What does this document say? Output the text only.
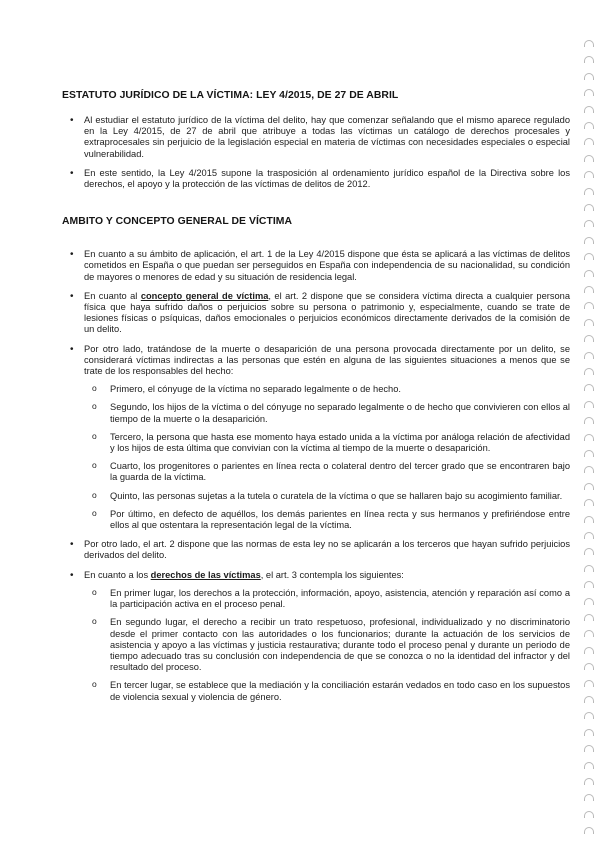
ESTATUTO JURÍDICO DE LA VÍCTIMA: LEY 4/2015, DE 27 DE ABRIL
• Al estudiar el estatuto jurídico de la víctima del delito, hay que comenzar señalando que el mismo aparece regulado en la Ley 4/2015, de 27 de abril que atribuye a todas las víctimas un catálogo de derechos procesales y extraprocesales sin perjuicio de la legislación especial en materia de víctimas con necesidades especiales o especial vulnerabilidad.
• En este sentido, la Ley 4/2015 supone la trasposición al ordenamiento jurídico español de la Directiva sobre los derechos, el apoyo y la protección de las víctimas de delitos de 2012.
AMBITO Y CONCEPTO GENERAL DE VÍCTIMA
• En cuanto a su ámbito de aplicación, el art. 1 de la Ley 4/2015 dispone que ésta se aplicará a las víctimas de delitos cometidos en España o que puedan ser perseguidos en España con independencia de su nacionalidad, su condición de mayores o menores de edad y su situación de residencia legal.
• En cuanto al concepto general de víctima, el art. 2 dispone que se considera víctima directa a cualquier persona física que haya sufrido daños o perjuicios sobre su persona o patrimonio y, especialmente, cuando se trate de lesiones físicas o psíquicas, daños emocionales o perjuicios económicos directamente derivados de la comisión de un delito.
• Por otro lado, tratándose de la muerte o desaparición de una persona provocada directamente por un delito, se considerará víctimas indirectas a las personas que estén en alguna de las siguientes situaciones a menos que se trate de los responsables del hecho:
o Primero, el cónyuge de la víctima no separado legalmente o de hecho.
o Segundo, los hijos de la víctima o del cónyuge no separado legalmente o de hecho que convivieren con ellos al tiempo de la muerte o la desaparición.
o Tercero, la persona que hasta ese momento haya estado unida a la víctima por análoga relación de afectividad y los hijos de esta última que convivian con la víctima al tiempo de la muerte o desaparición.
o Cuarto, los progenitores o parientes en línea recta o colateral dentro del tercer grado que se encontraren bajo la guarda de la víctima.
o Quinto, las personas sujetas a la tutela o curatela de la víctima o que se hallaren bajo su acogimiento familiar.
o Por último, en defecto de aquéllos, los demás parientes en línea recta y sus hermanos y prefiriéndose entre ellos al que ostentara la representación legal de la víctima.
• Por otro lado, el art. 2 dispone que las normas de esta ley no se aplicarán a los terceros que hayan sufrido perjuicios derivados del delito.
• En cuanto a los derechos de las víctimas, el art. 3 contempla los siguientes:
o En primer lugar, los derechos a la protección, información, apoyo, asistencia, atención y reparación así como a la participación activa en el proceso penal.
o En segundo lugar, el derecho a recibir un trato respetuoso, profesional, individualizado y no discriminatorio desde el primer contacto con las autoridades o los funcionarios; durante la actuación de los servicios de asistencia y apoyo a las víctimas y justicia restaurativa; durante todo el proceso penal y durante un periodo de tiempo adecuado tras su conclusión con independencia de que se conozca o no la identidad del infractor y del resultado del proceso.
o En tercer lugar, se establece que la mediación y la conciliación estarán vedados en todo caso en los supuestos de violencia sexual y violencia de género.
